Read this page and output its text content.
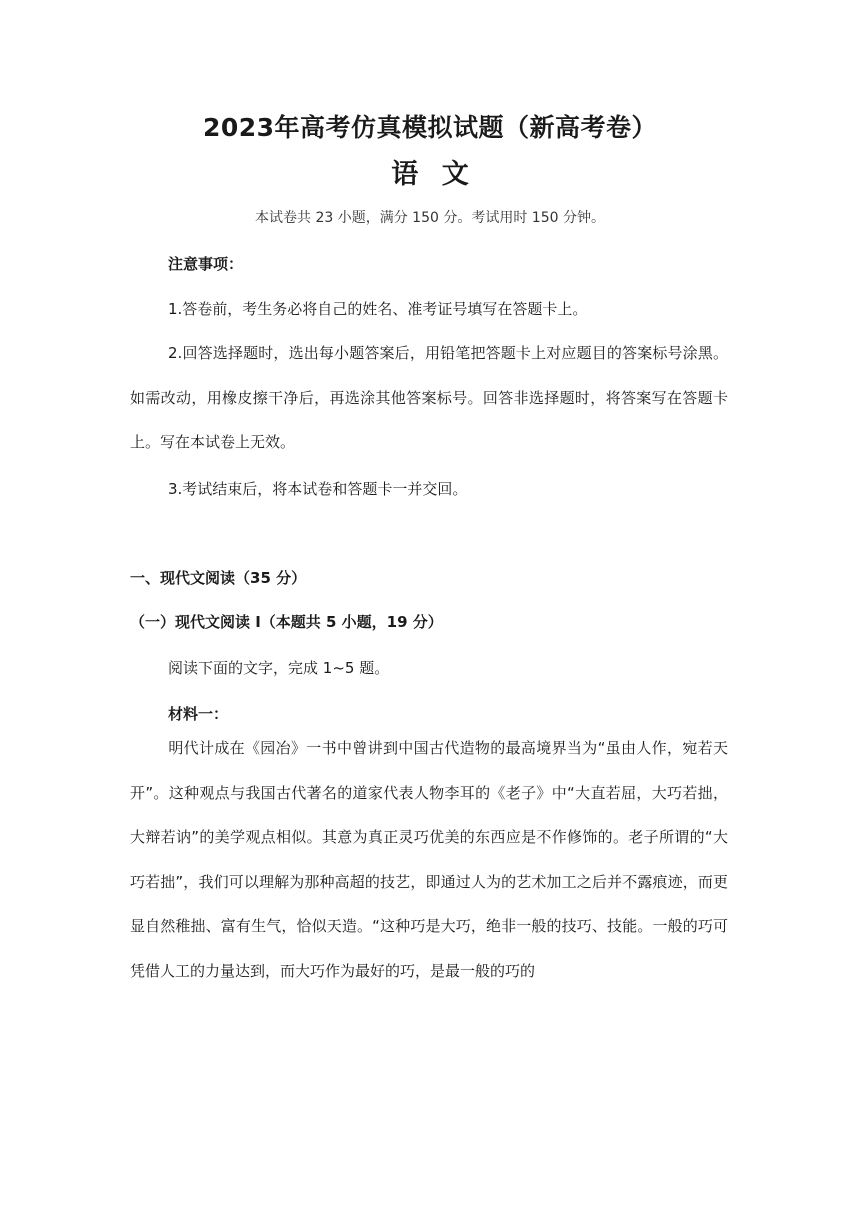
2023年高考仿真模拟试题（新高考卷）
语 文
本试卷共 23 小题，满分 150 分。考试用时 150 分钟。
注意事项：
1.答卷前，考生务必将自己的姓名、准考证号填写在答题卡上。
2.回答选择题时，选出每小题答案后，用铅笔把答题卡上对应题目的答案标号涂黑。如需改动，用橡皮擦干净后，再选涂其他答案标号。回答非选择题时，将答案写在答题卡上。写在本试卷上无效。
3.考试结束后，将本试卷和答题卡一并交回。
一、现代文阅读（35 分）
（一）现代文阅读 I（本题共 5 小题，19 分）
阅读下面的文字，完成 1~5 题。
材料一：
明代计成在《园冶》一书中曾讲到中国古代造物的最高境界当为“虽由人作，宛若天开”。这种观点与我国古代著名的道家代表人物李耳的《老子》中“大直若屈，大巧若拙，大辩若讷”的美学观点相似。其意为真正灵巧优美的东西应是不作修饰的。老子所谓的“大巧若拙”，我们可以理解为那种高超的技艺，即通过人为的艺术加工之后并不露痕迹，而更显自然稚拙、富有生气，恰似天造。“这种巧是大巧，绝非一般的技巧、技能。一般的巧可凭借人工的力量达到，而大巧作为最好的巧，是最一般的巧的
